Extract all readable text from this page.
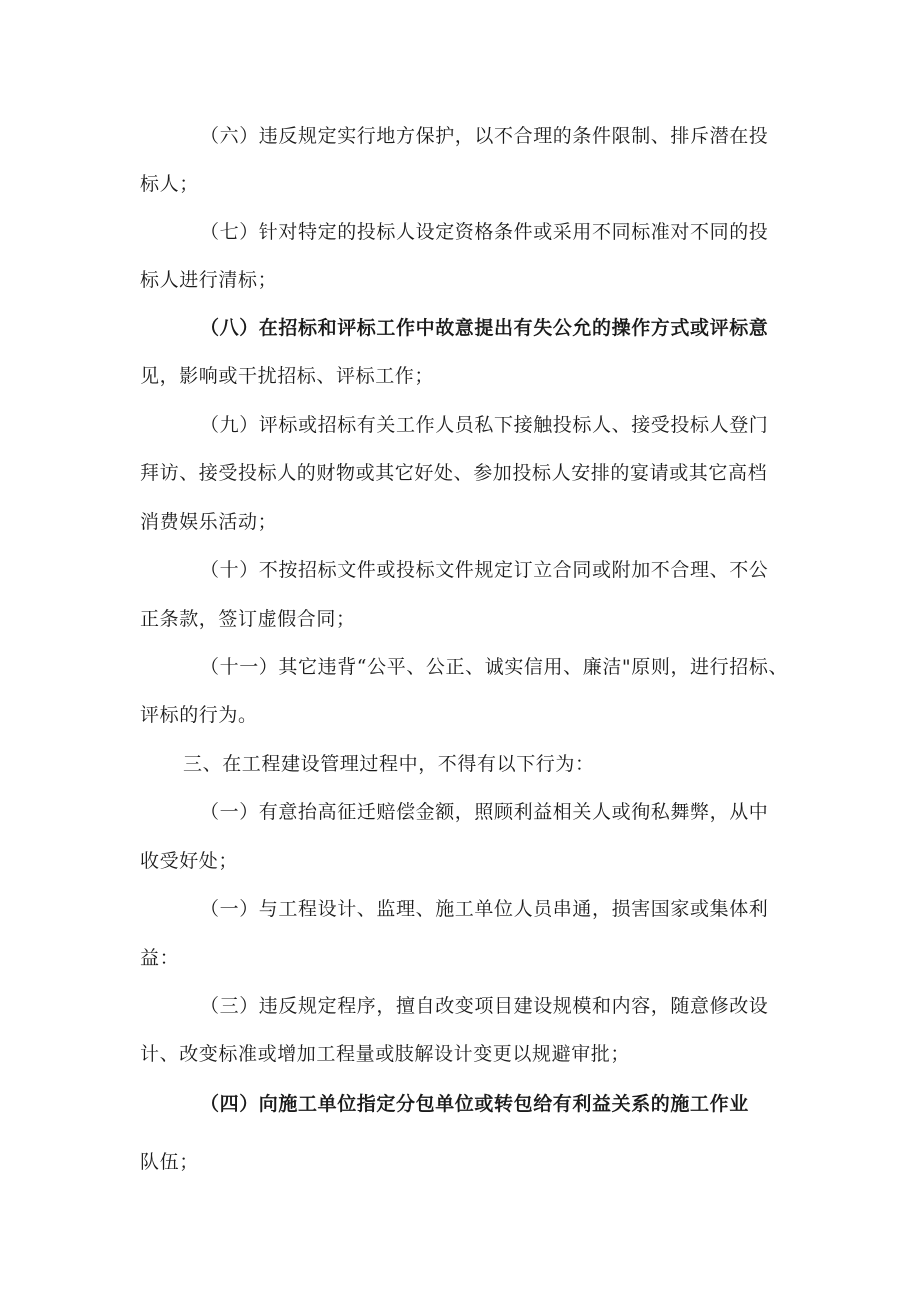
（六）违反规定实行地方保护，以不合理的条件限制、排斥潜在投
标人；
（七）针对特定的投标人设定资格条件或采用不同标准对不同的投
标人进行清标；
（八）在招标和评标工作中故意提出有失公允的操作方式或评标意
见，影响或干扰招标、评标工作；
（九）评标或招标有关工作人员私下接触投标人、接受投标人登门
拜访、接受投标人的财物或其它好处、参加投标人安排的宴请或其它高档
消费娱乐活动；
（十）不按招标文件或投标文件规定订立合同或附加不合理、不公
正条款，签订虚假合同；
（十一）其它违背“公平、公正、诚实信用、廉洁"原则，进行招标、
评标的行为。
三、在工程建设管理过程中，不得有以下行为：
（一）有意抬高征迁赔偿金额，照顾利益相关人或徇私舞弊，从中
收受好处；
（一）与工程设计、监理、施工单位人员串通，损害国家或集体利
益：
（三）违反规定程序，擅自改变项目建设规模和内容，随意修改设
计、改变标准或增加工程量或肢解设计变更以规避审批；
（四）向施工单位指定分包单位或转包给有利益关系的施工作业
队伍；
